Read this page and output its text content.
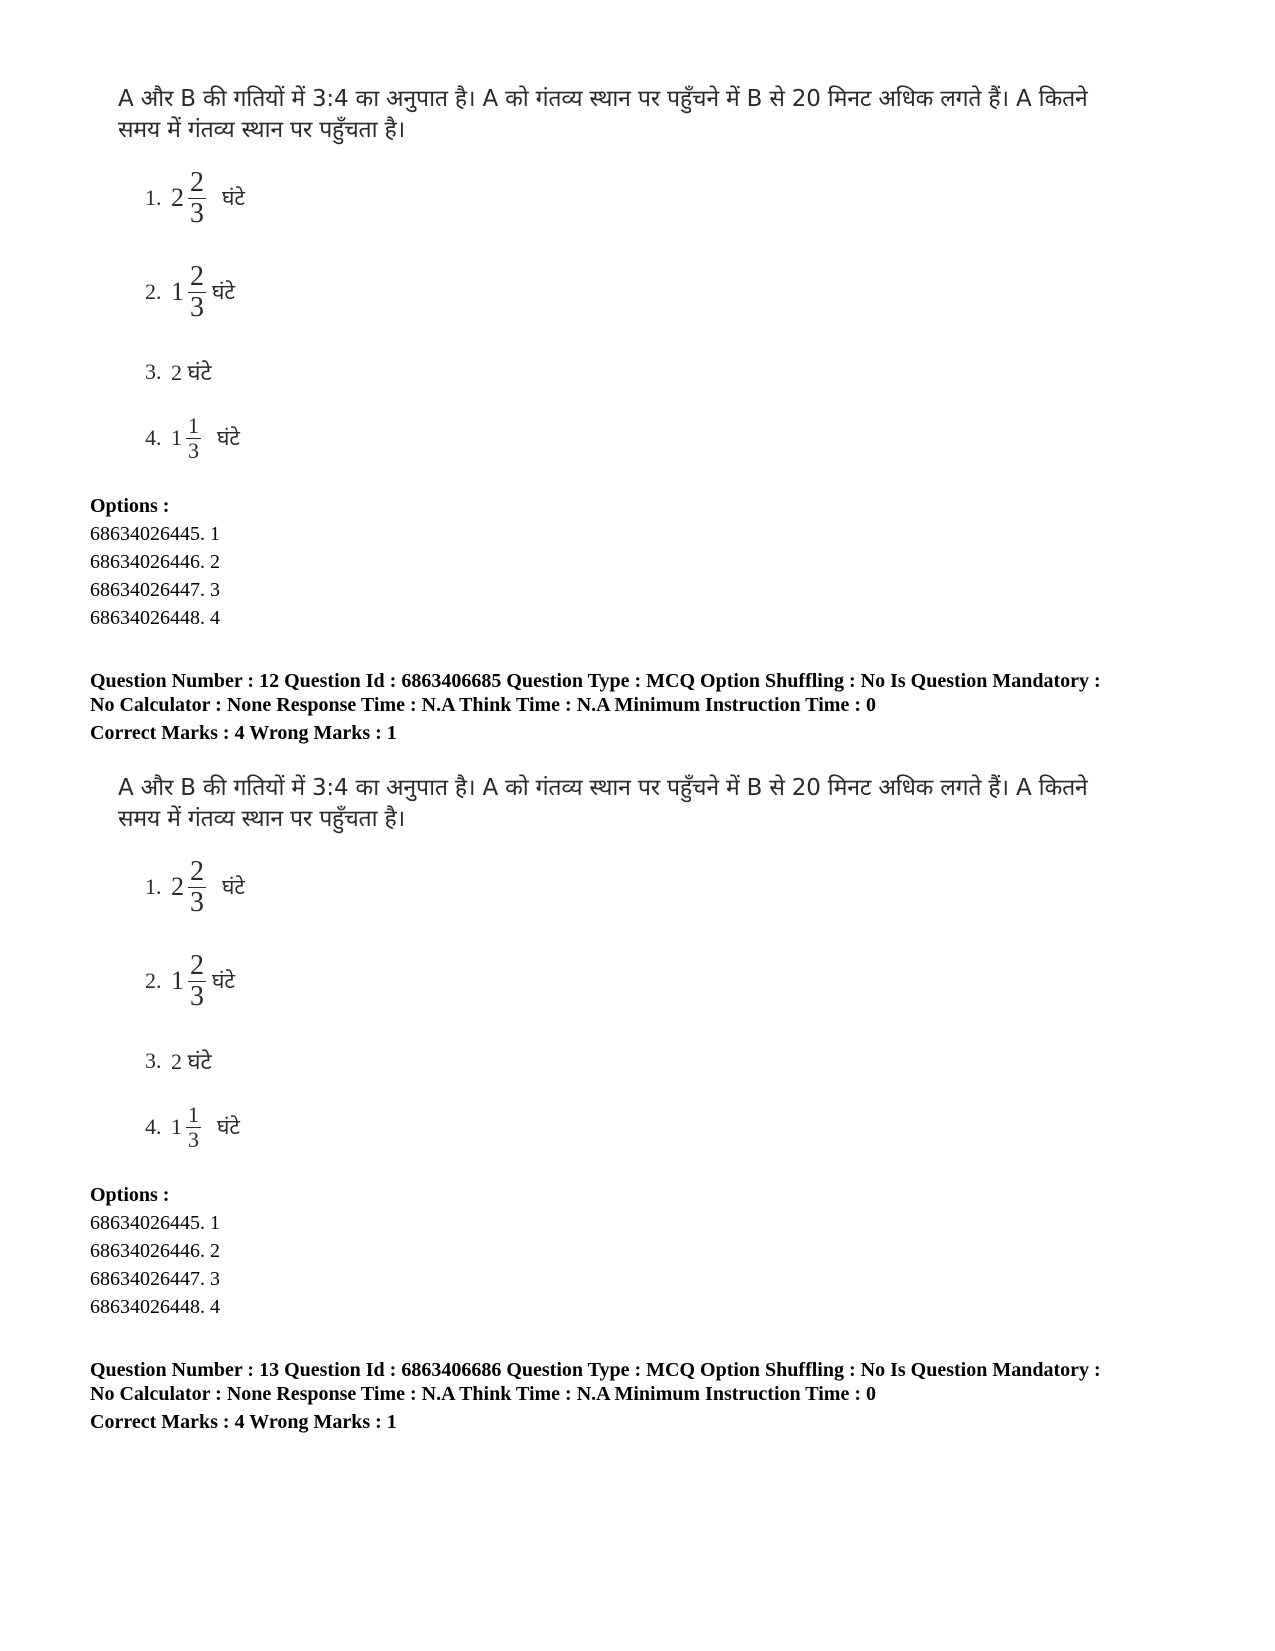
A और B की गतियों में 3:4 का अनुपात है। A को गंतव्य स्थान पर पहुँचने में B से 20 मिनट अधिक लगते हैं। A कितने
समय में गंतव्य स्थान पर पहुँचता है।
1. $2 \frac{2}{3}$ घंटे
2. $1 \frac{2}{3}$ घंटे
3. 2 घंटे
4. $1 \frac{1}{3}$ घंटे
Options :
68634026445. 1
68634026446. 2
68634026447. 3
68634026448. 4
Question Number : 12 Question Id : 6863406685 Question Type : MCQ Option Shuffling : No Is Question Mandatory :
No Calculator : None Response Time : N.A Think Time : N.A Minimum Instruction Time : 0
Correct Marks : 4 Wrong Marks : 1
A और B की गतियों में 3:4 का अनुपात है। A को गंतव्य स्थान पर पहुँचने में B से 20 मिनट अधिक लगते हैं। A कितने
समय में गंतव्य स्थान पर पहुँचता है।
1. $2 \frac{2}{3}$ घंटे
2. $1 \frac{2}{3}$ घंटे
3. 2 घंटे
4. $1 \frac{1}{3}$ घंटे
Options :
68634026445. 1
68634026446. 2
68634026447. 3
68634026448. 4
Question Number : 13 Question Id : 6863406686 Question Type : MCQ Option Shuffling : No Is Question Mandatory :
No Calculator : None Response Time : N.A Think Time : N.A Minimum Instruction Time : 0
Correct Marks : 4 Wrong Marks : 1
